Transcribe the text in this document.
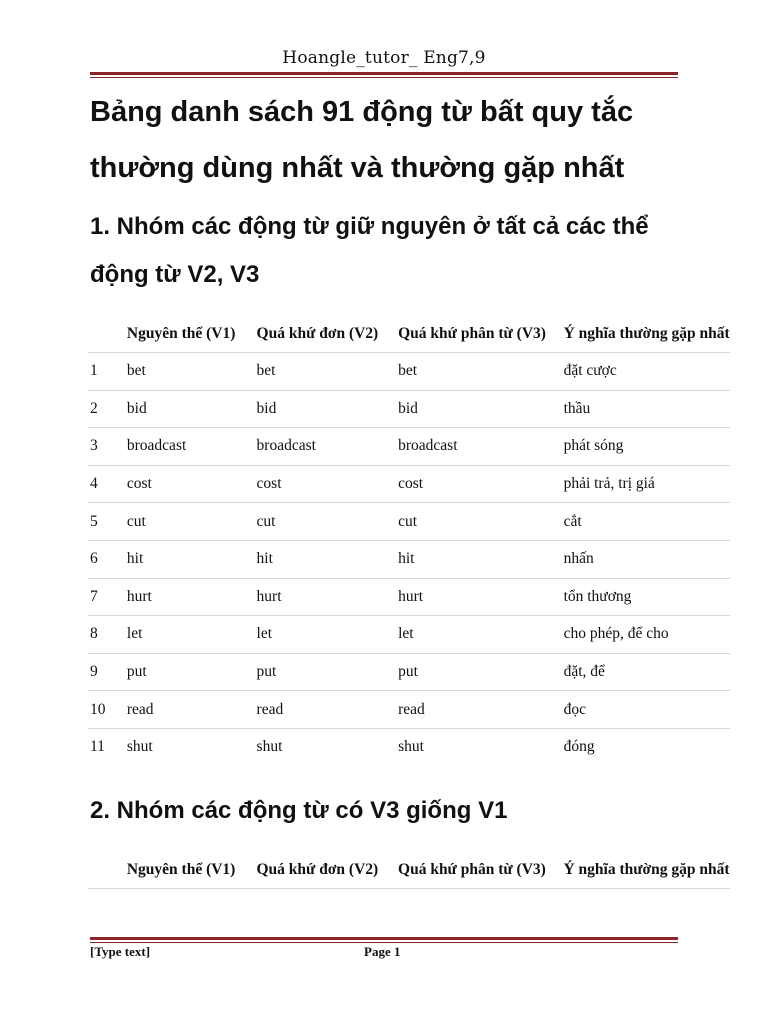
Hoangle_tutor_ Eng7,9
Bảng danh sách 91 động từ bất quy tắc thường dùng nhất và thường gặp nhất
1. Nhóm các động từ giữ nguyên ở tất cả các thể động từ V2, V3
	Nguyên thể (V1)	Quá khứ đơn (V2)	Quá khứ phân từ (V3)	Ý nghĩa thường gặp nhất
1	bet	bet	bet	đặt cược
2	bid	bid	bid	thầu
3	broadcast	broadcast	broadcast	phát sóng
4	cost	cost	cost	phải trả, trị giá
5	cut	cut	cut	cắt
6	hit	hit	hit	nhấn
7	hurt	hurt	hurt	tổn thương
8	let	let	let	cho phép, để cho
9	put	put	put	đặt, để
10	read	read	read	đọc
11	shut	shut	shut	đóng
2. Nhóm các động từ có V3 giống V1
	Nguyên thể (V1)	Quá khứ đơn (V2)	Quá khứ phân từ (V3)	Ý nghĩa thường gặp nhất
[Type text]	Page 1
